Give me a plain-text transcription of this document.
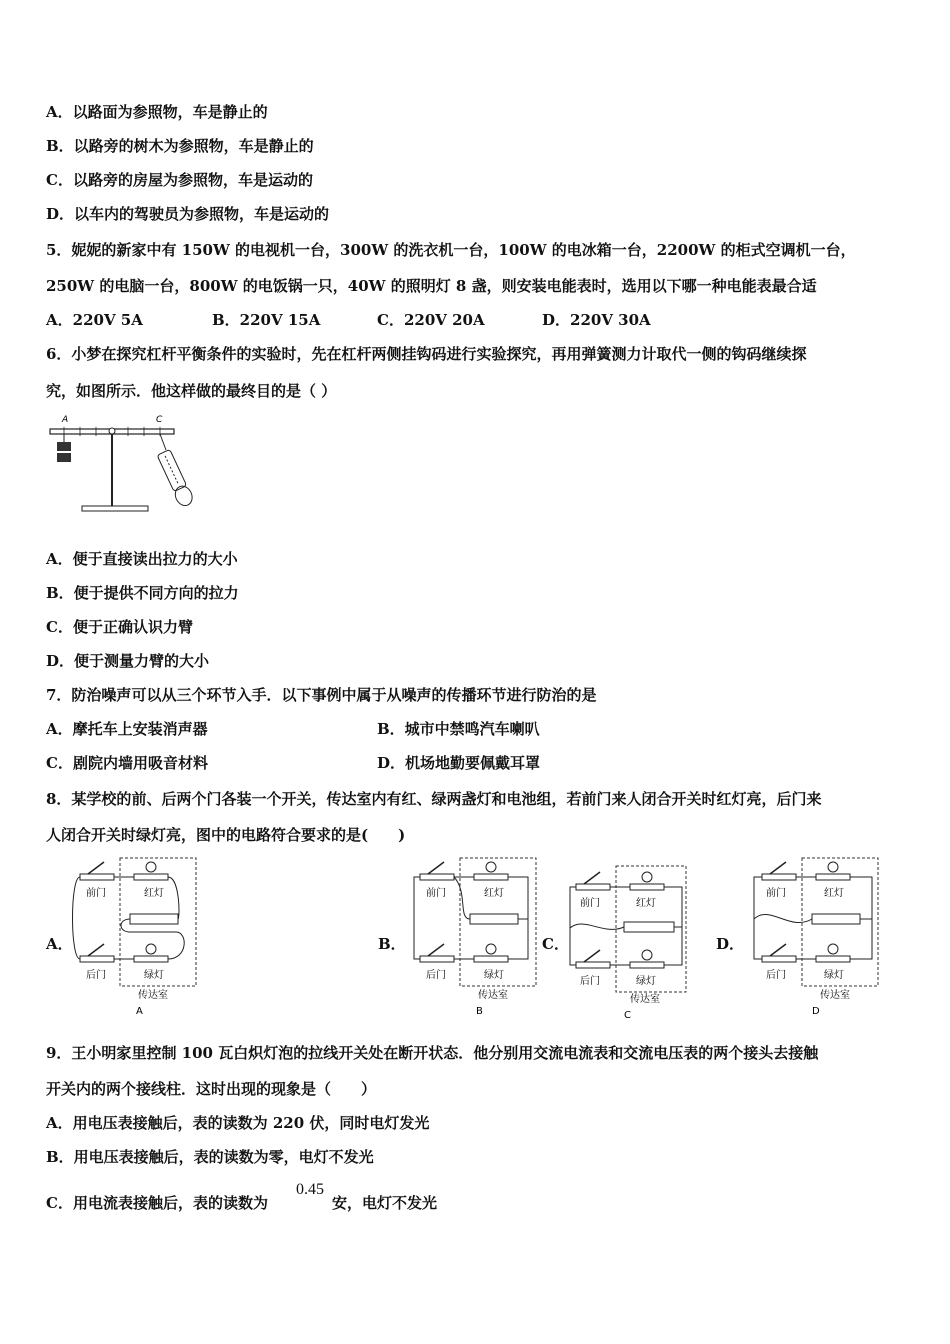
A．以路面为参照物，车是静止的
B．以路旁的树木为参照物，车是静止的
C．以路旁的房屋为参照物，车是运动的
D．以车内的驾驶员为参照物，车是运动的
5．妮妮的新家中有 150W 的电视机一台，300W 的洗衣机一台，100W 的电冰箱一台，2200W 的柜式空调机一台，
250W 的电脑一台，800W 的电饭锅一只，40W 的照明灯 8 盏，则安装电能表时，选用以下哪一种电能表最合适
A．220V 5A	B．220V 15A	C．220V 20A	D．220V 30A
6．小梦在探究杠杆平衡条件的实验时，先在杠杆两侧挂钩码进行实验探究，再用弹簧测力计取代一侧的钩码继续探
究，如图所示．他这样做的最终目的是（ ）
A	C
A．便于直接读出拉力的大小
B．便于提供不同方向的拉力
C．便于正确认识力臂
D．便于测量力臂的大小
7．防治噪声可以从三个环节入手．以下事例中属于从噪声的传播环节进行防治的是
A．摩托车上安装消声器	B．城市中禁鸣汽车喇叭
C．剧院内墙用吸音材料	D．机场地勤要佩戴耳罩
8．某学校的前、后两个门各装一个开关，传达室内有红、绿两盏灯和电池组，若前门来人闭合开关时红灯亮，后门来
人闭合开关时绿灯亮，图中的电路符合要求的是(　　)
A．	B．	C．	D．
前门	红灯
后门	绿灯
传达室
A
前门	红灯
后门	绿灯
传达室
B
前门	红灯
后门	绿灯
传达室
C
前门	红灯
后门	绿灯
传达室
D
9．王小明家里控制 100 瓦白炽灯泡的拉线开关处在断开状态．他分别用交流电流表和交流电压表的两个接头去接触
开关内的两个接线柱．这时出现的现象是（　　）
A．用电压表接触后，表的读数为 220 伏，同时电灯发光
B．用电压表接触后，表的读数为零，电灯不发光
C．用电流表接触后，表的读数为
0.45
安，电灯不发光
